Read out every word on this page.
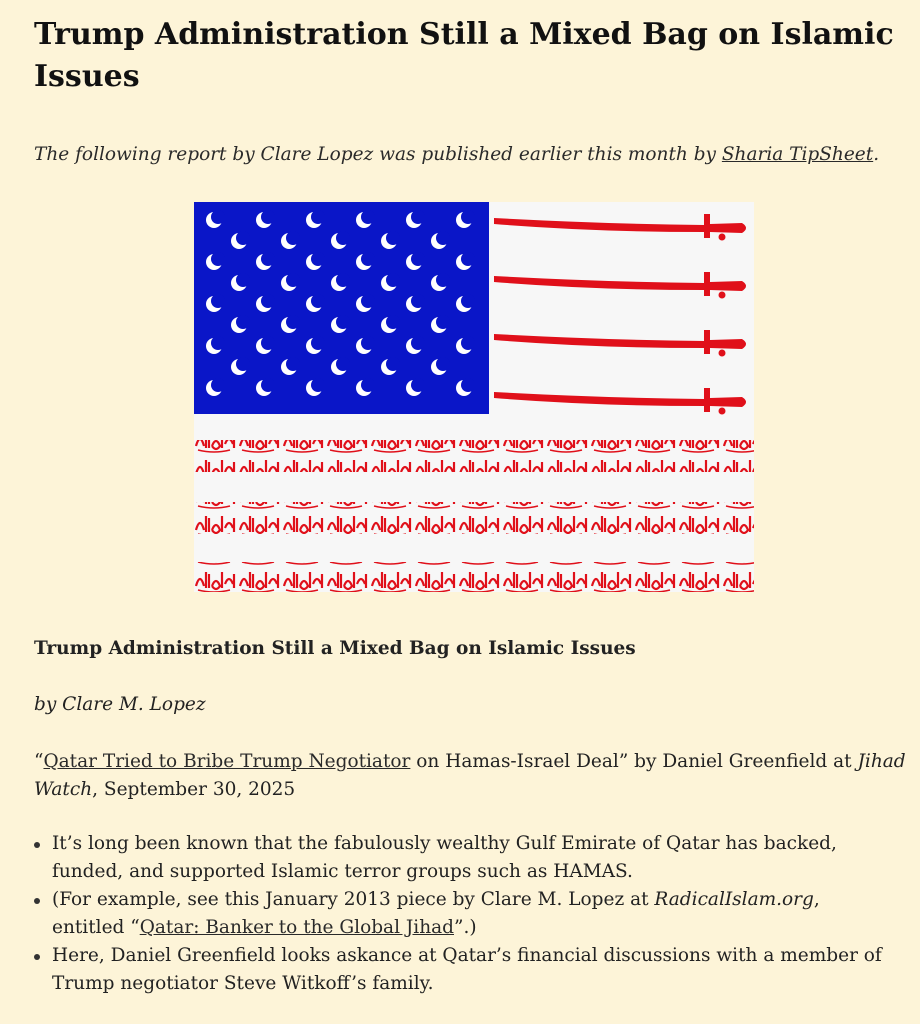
Trump Administration Still a Mixed Bag on Islamic Issues

The following report by Clare Lopez was published earlier this month by Sharia TipSheet.

Trump Administration Still a Mixed Bag on Islamic Issues

by Clare M. Lopez

“Qatar Tried to Bribe Trump Negotiator on Hamas-Israel Deal” by Daniel Greenfield at Jihad Watch, September 30, 2025

It’s long been known that the fabulously wealthy Gulf Emirate of Qatar has backed, funded, and supported Islamic terror groups such as HAMAS.
(For example, see this January 2013 piece by Clare M. Lopez at RadicalIslam.org, entitled “Qatar: Banker to the Global Jihad”.)
Here, Daniel Greenfield looks askance at Qatar’s financial discussions with a member of Trump negotiator Steve Witkoff’s family.
